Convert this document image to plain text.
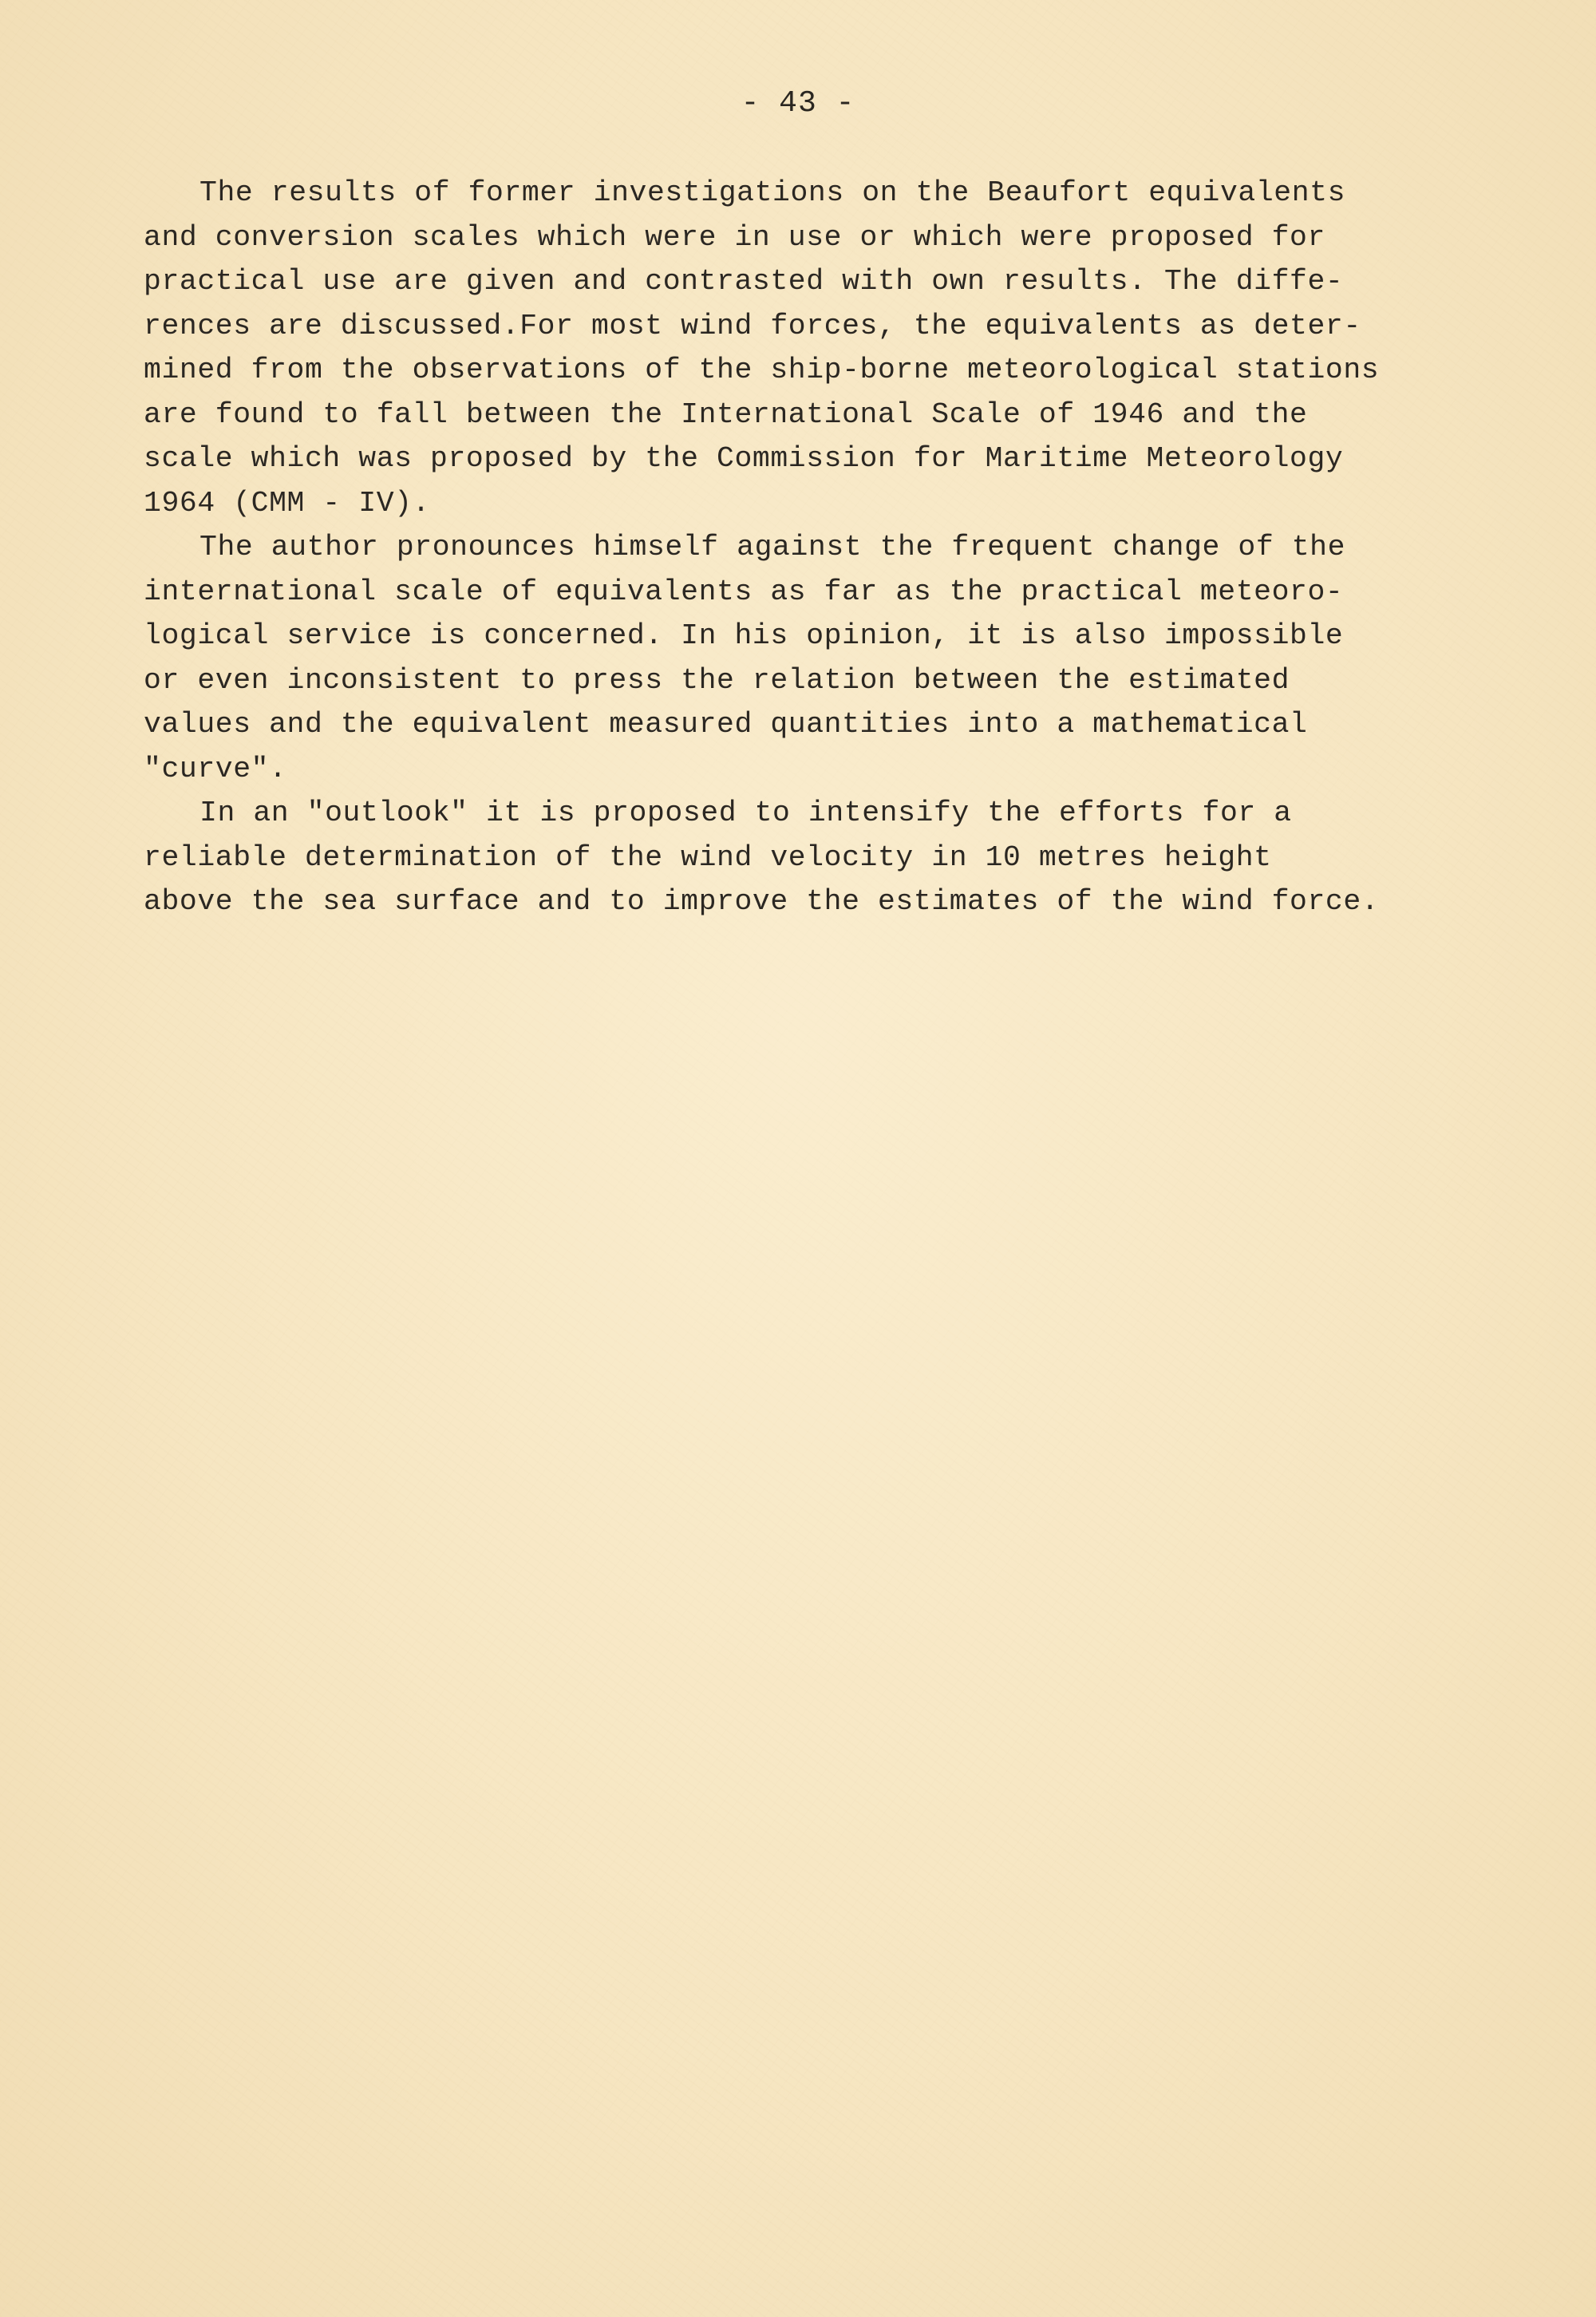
- 43 -
The results of former investigations on the Beaufort equivalents
and conversion scales which were in use or which were proposed for
practical use are given and contrasted with own results. The diffe-
rences are discussed.For most wind forces, the equivalents as deter-
mined from the observations of the ship-borne meteorological stations
are found to fall between the International Scale of 1946 and the
scale which was proposed by the Commission for Maritime Meteorology
1964 (CMM - IV).
The author pronounces himself against the frequent change of the
international scale of equivalents as far as the practical meteoro-
logical service is concerned. In his opinion, it is also impossible
or even inconsistent to press the relation between the estimated
values and the equivalent measured quantities into a mathematical
"curve".
In an "outlook" it is proposed to intensify the efforts for a
reliable determination of the wind velocity in 10 metres height
above the sea surface and to improve the estimates of the wind force.
